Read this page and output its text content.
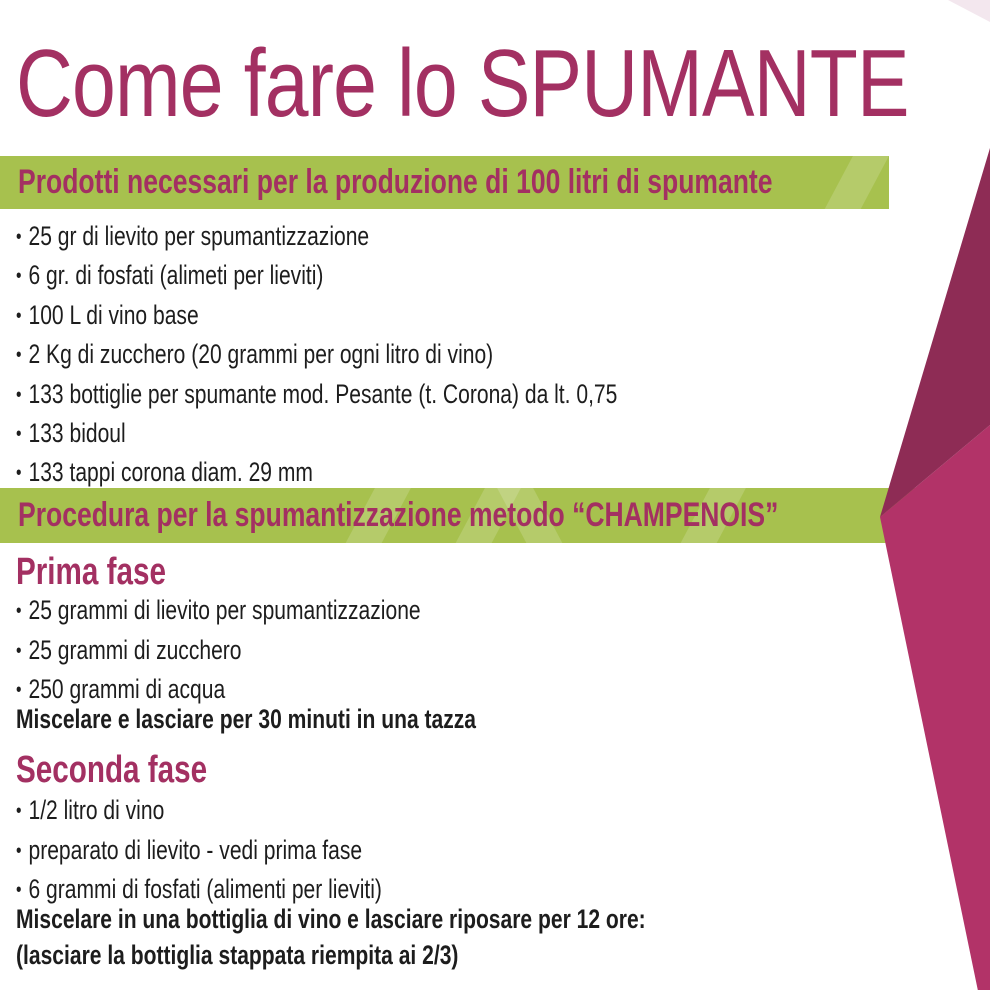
Come fare lo SPUMANTE
Prodotti necessari per la produzione di 100 litri di spumante
• 25 gr di lievito per spumantizzazione
• 6 gr. di fosfati (alimeti per lieviti)
• 100 L di vino base
• 2 Kg di zucchero (20 grammi per ogni litro di vino)
• 133 bottiglie per spumante mod. Pesante (t. Corona) da lt. 0,75
• 133 bidoul
• 133 tappi corona diam. 29 mm
Procedura per la spumantizzazione metodo “CHAMPENOIS”
Prima fase
• 25 grammi di lievito per spumantizzazione
• 25 grammi di zucchero
• 250 grammi di acqua
Miscelare e lasciare per 30 minuti in una tazza
Seconda fase
• 1/2 litro di vino
• preparato di lievito - vedi prima fase
• 6 grammi di fosfati (alimenti per lieviti)
Miscelare in una bottiglia di vino e lasciare riposare per 12 ore:
(lasciare la bottiglia stappata riempita ai 2/3)
